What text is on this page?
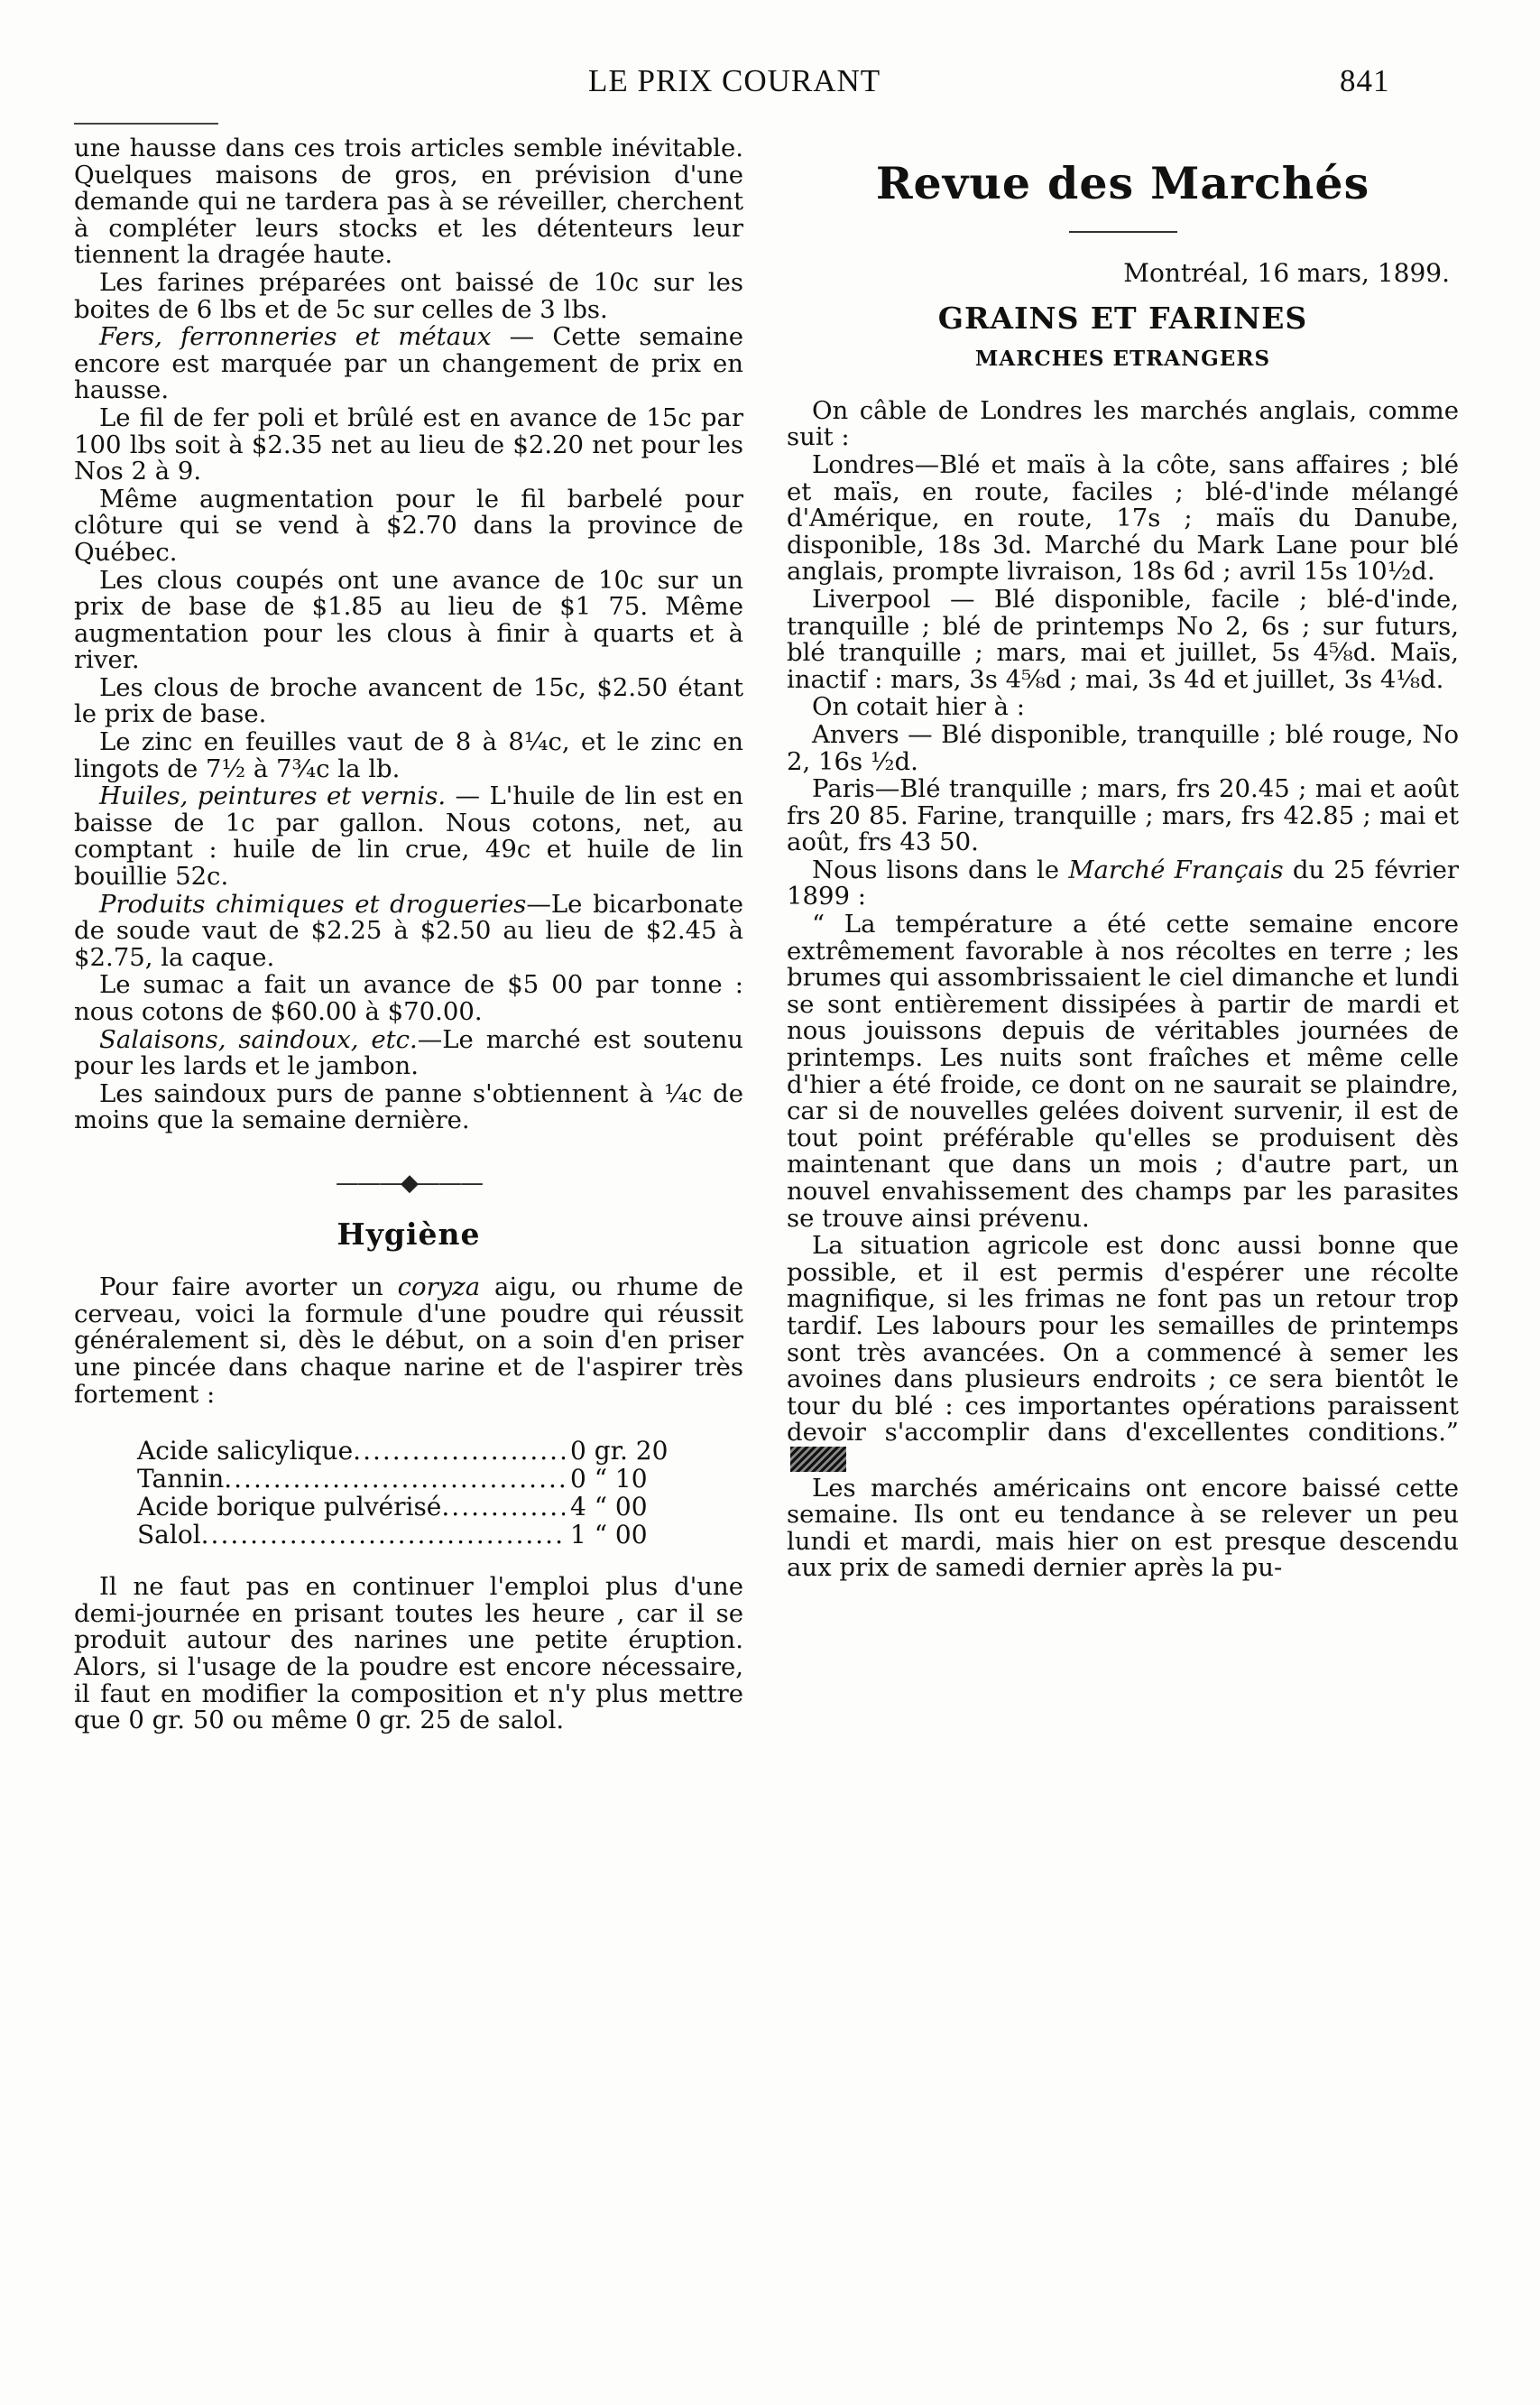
LE PRIX COURANT	841

une hausse dans ces trois articles semble inévitable. Quelques maisons de gros, en prévision d'une demande qui ne tardera pas à se réveiller, cherchent à compléter leurs stocks et les détenteurs leur tiennent la dragée haute.

Les farines préparées ont baissé de 10c sur les boites de 6 lbs et de 5c sur celles de 3 lbs.

Fers, ferronneries et métaux — Cette semaine encore est marquée par un changement de prix en hausse.

Le fil de fer poli et brûlé est en avance de 15c par 100 lbs soit à $2.35 net au lieu de $2.20 net pour les Nos 2 à 9.

Même augmentation pour le fil barbelé pour clôture qui se vend à $2.70 dans la province de Québec.

Les clous coupés ont une avance de 10c sur un prix de base de $1.85 au lieu de $1 75. Même augmentation pour les clous à finir à quarts et à river.

Les clous de broche avancent de 15c, $2.50 étant le prix de base.

Le zinc en feuilles vaut de 8 à 8¼c, et le zinc en lingots de 7½ à 7¾c la lb.

Huiles, peintures et vernis. — L'huile de lin est en baisse de 1c par gallon. Nous cotons, net, au comptant : huile de lin crue, 49c et huile de lin bouillie 52c.

Produits chimiques et drogueries—Le bicarbonate de soude vaut de $2.25 à $2.50 au lieu de $2.45 à $2.75, la caque.

Le sumac a fait un avance de $5 00 par tonne : nous cotons de $60.00 à $70.00.

Salaisons, saindoux, etc.—Le marché est soutenu pour les lards et le jambon.

Les saindoux purs de panne s'obtiennent à ¼c de moins que la semaine dernière.

———◆———
Hygiène

Pour faire avorter un coryza aigu, ou rhume de cerveau, voici la formule d'une poudre qui réussit généralement si, dès le début, on a soin d'en priser une pincée dans chaque narine et de l'aspirer très fortement :

Acide salicylique .....	0 gr. 20
Tannin .....	0 “ 10
Acide borique pulvérisé .....	4 “ 00
Salol .....	1 “ 00

Il ne faut pas en continuer l'emploi plus d'une demi-journée en prisant toutes les heure , car il se produit autour des narines une petite éruption. Alors, si l'usage de la poudre est encore nécessaire, il faut en modifier la composition et n'y plus mettre que 0 gr. 50 ou même 0 gr. 25 de salol.

Revue des Marchés
Montréal, 16 mars, 1899.
GRAINS ET FARINES
MARCHES ETRANGERS

On câble de Londres les marchés anglais, comme suit :

Londres—Blé et maïs à la côte, sans affaires ; blé et maïs, en route, faciles ; blé-d'inde mélangé d'Amérique, en route, 17s ; maïs du Danube, disponible, 18s 3d. Marché du Mark Lane pour blé anglais, prompte livraison, 18s 6d ; avril 15s 10½d.

Liverpool — Blé disponible, facile ; blé-d'inde, tranquille ; blé de printemps No 2, 6s ; sur futurs, blé tranquille ; mars, mai et juillet, 5s 4⅝d. Maïs, inactif : mars, 3s 4⅝d ; mai, 3s 4d et juillet, 3s 4⅛d.

On cotait hier à :

Anvers — Blé disponible, tranquille ; blé rouge, No 2, 16s ½d.

Paris—Blé tranquille ; mars, frs 20.45 ; mai et août frs 20 85. Farine, tranquille ; mars, frs 42.85 ; mai et août, frs 43 50.

Nous lisons dans le Marché Français du 25 février 1899 :

“ La température a été cette semaine encore extrêmement favorable à nos récoltes en terre ; les brumes qui assombrissaient le ciel dimanche et lundi se sont entièrement dissipées à partir de mardi et nous jouissons depuis de véritables journées de printemps. Les nuits sont fraîches et même celle d'hier a été froide, ce dont on ne saurait se plaindre, car si de nouvelles gelées doivent survenir, il est de tout point préférable qu'elles se produisent dès maintenant que dans un mois ; d'autre part, un nouvel envahissement des champs par les parasites se trouve ainsi prévenu.

La situation agricole est donc aussi bonne que possible, et il est permis d'espérer une récolte magnifique, si les frimas ne font pas un retour trop tardif. Les labours pour les semailles de printemps sont très avancées. On a commencé à semer les avoines dans plusieurs endroits ; ce sera bientôt le tour du blé : ces importantes opérations paraissent devoir s'accomplir dans d'excellentes conditions.”

Les marchés américains ont encore baissé cette semaine. Ils ont eu tendance à se relever un peu lundi et mardi, mais hier on est presque descendu aux prix de samedi dernier après la pu-
